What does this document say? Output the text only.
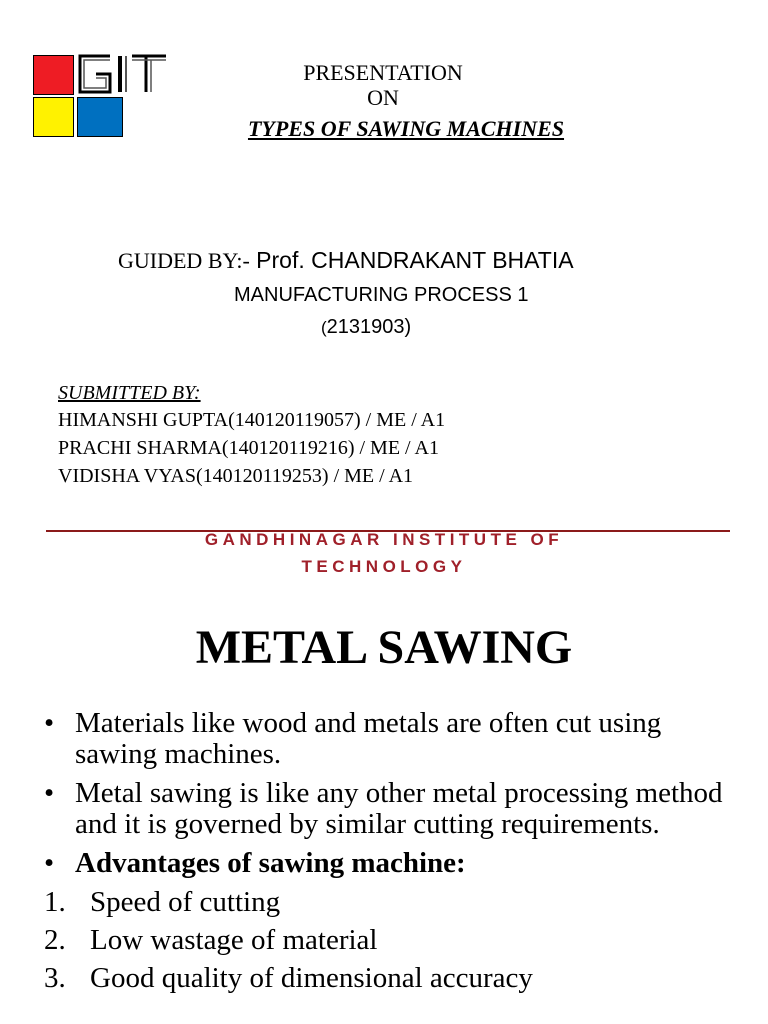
PRESENTATION
ON
TYPES OF SAWING MACHINES
GUIDED BY:- Prof. CHANDRAKANT BHATIA
MANUFACTURING PROCESS 1
(2131903)
SUBMITTED BY:
HIMANSHI GUPTA(140120119057) / ME / A1
PRACHI SHARMA(140120119216) / ME / A1
VIDISHA VYAS(140120119253) / ME / A1
GANDHINAGAR INSTITUTE OF
TECHNOLOGY
METAL SAWING
• Materials like wood and metals are often cut using sawing machines.
• Metal sawing is like any other metal processing method and it is governed by similar cutting requirements.
• Advantages of sawing machine:
1. Speed of cutting
2. Low wastage of material
3. Good quality of dimensional accuracy
